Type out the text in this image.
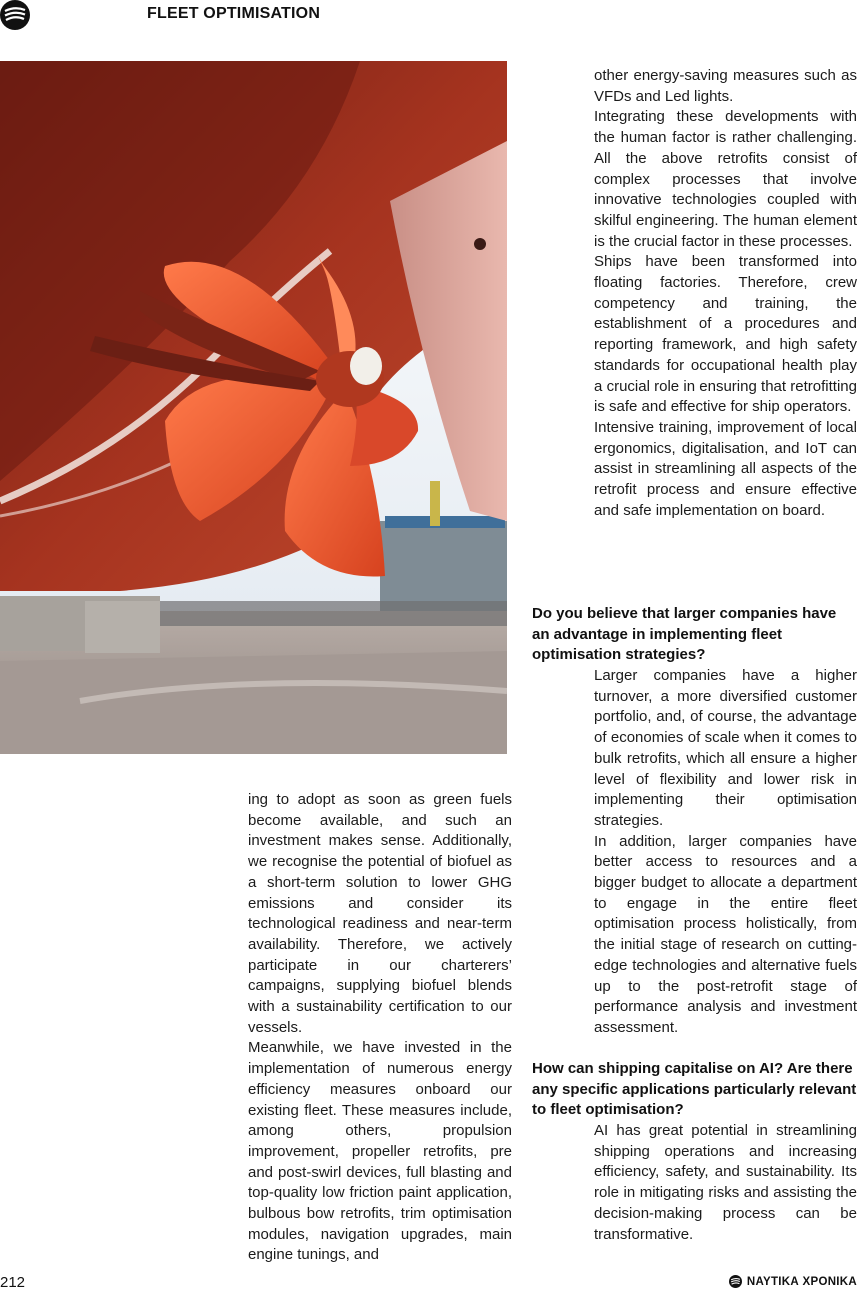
FLEET OPTIMISATION

ing to adopt as soon as green fuels become available, and such an investment makes sense. Additionally, we recognise the potential of biofuel as a short-term solution to lower GHG emissions and consider its technological readiness and near-term availability. Therefore, we actively participate in our charterers’ campaigns, supplying biofuel blends with a sustainability certification to our vessels.

Meanwhile, we have invested in the implementation of numerous energy efficiency measures onboard our existing fleet. These measures include, among others, propulsion improvement, propeller retrofits, pre and post-swirl devices, full blasting and top-quality low friction paint application, bulbous bow retrofits, trim optimisation modules, navigation upgrades, main engine tunings, and

other energy-saving measures such as VFDs and Led lights.

Integrating these developments with the human factor is rather challenging. All the above retrofits consist of complex processes that involve innovative technologies coupled with skilful engineering. The human element is the crucial factor in these processes.

Ships have been transformed into floating factories. Therefore, crew competency and training, the establishment of a procedures and reporting framework, and high safety standards for occupational health play a crucial role in ensuring that retrofitting is safe and effective for ship operators.

Intensive training, improvement of local ergonomics, digitalisation, and IoT can assist in streamlining all aspects of the retrofit process and ensure effective and safe implementation on board.

Do you believe that larger companies have an advantage in implementing fleet optimisation strategies?

Larger companies have a higher turnover, a more diversified customer portfolio, and, of course, the advantage of economies of scale when it comes to bulk retrofits, which all ensure a higher level of flexibility and lower risk in implementing their optimisation strategies.

In addition, larger companies have better access to resources and a bigger budget to allocate a department to engage in the entire fleet optimisation process holistically, from the initial stage of research on cutting-edge technologies and alternative fuels up to the post-retrofit stage of performance analysis and investment assessment.

How can shipping capitalise on AI? Are there any specific applications particularly relevant to fleet optimisation?

AI has great potential in streamlining shipping operations and increasing efficiency, safety, and sustainability. Its role in mitigating risks and assisting the decision-making process can be transformative.

212	ΝΑΥΤΙΚΑ ΧΡΟΝΙΚΑ
